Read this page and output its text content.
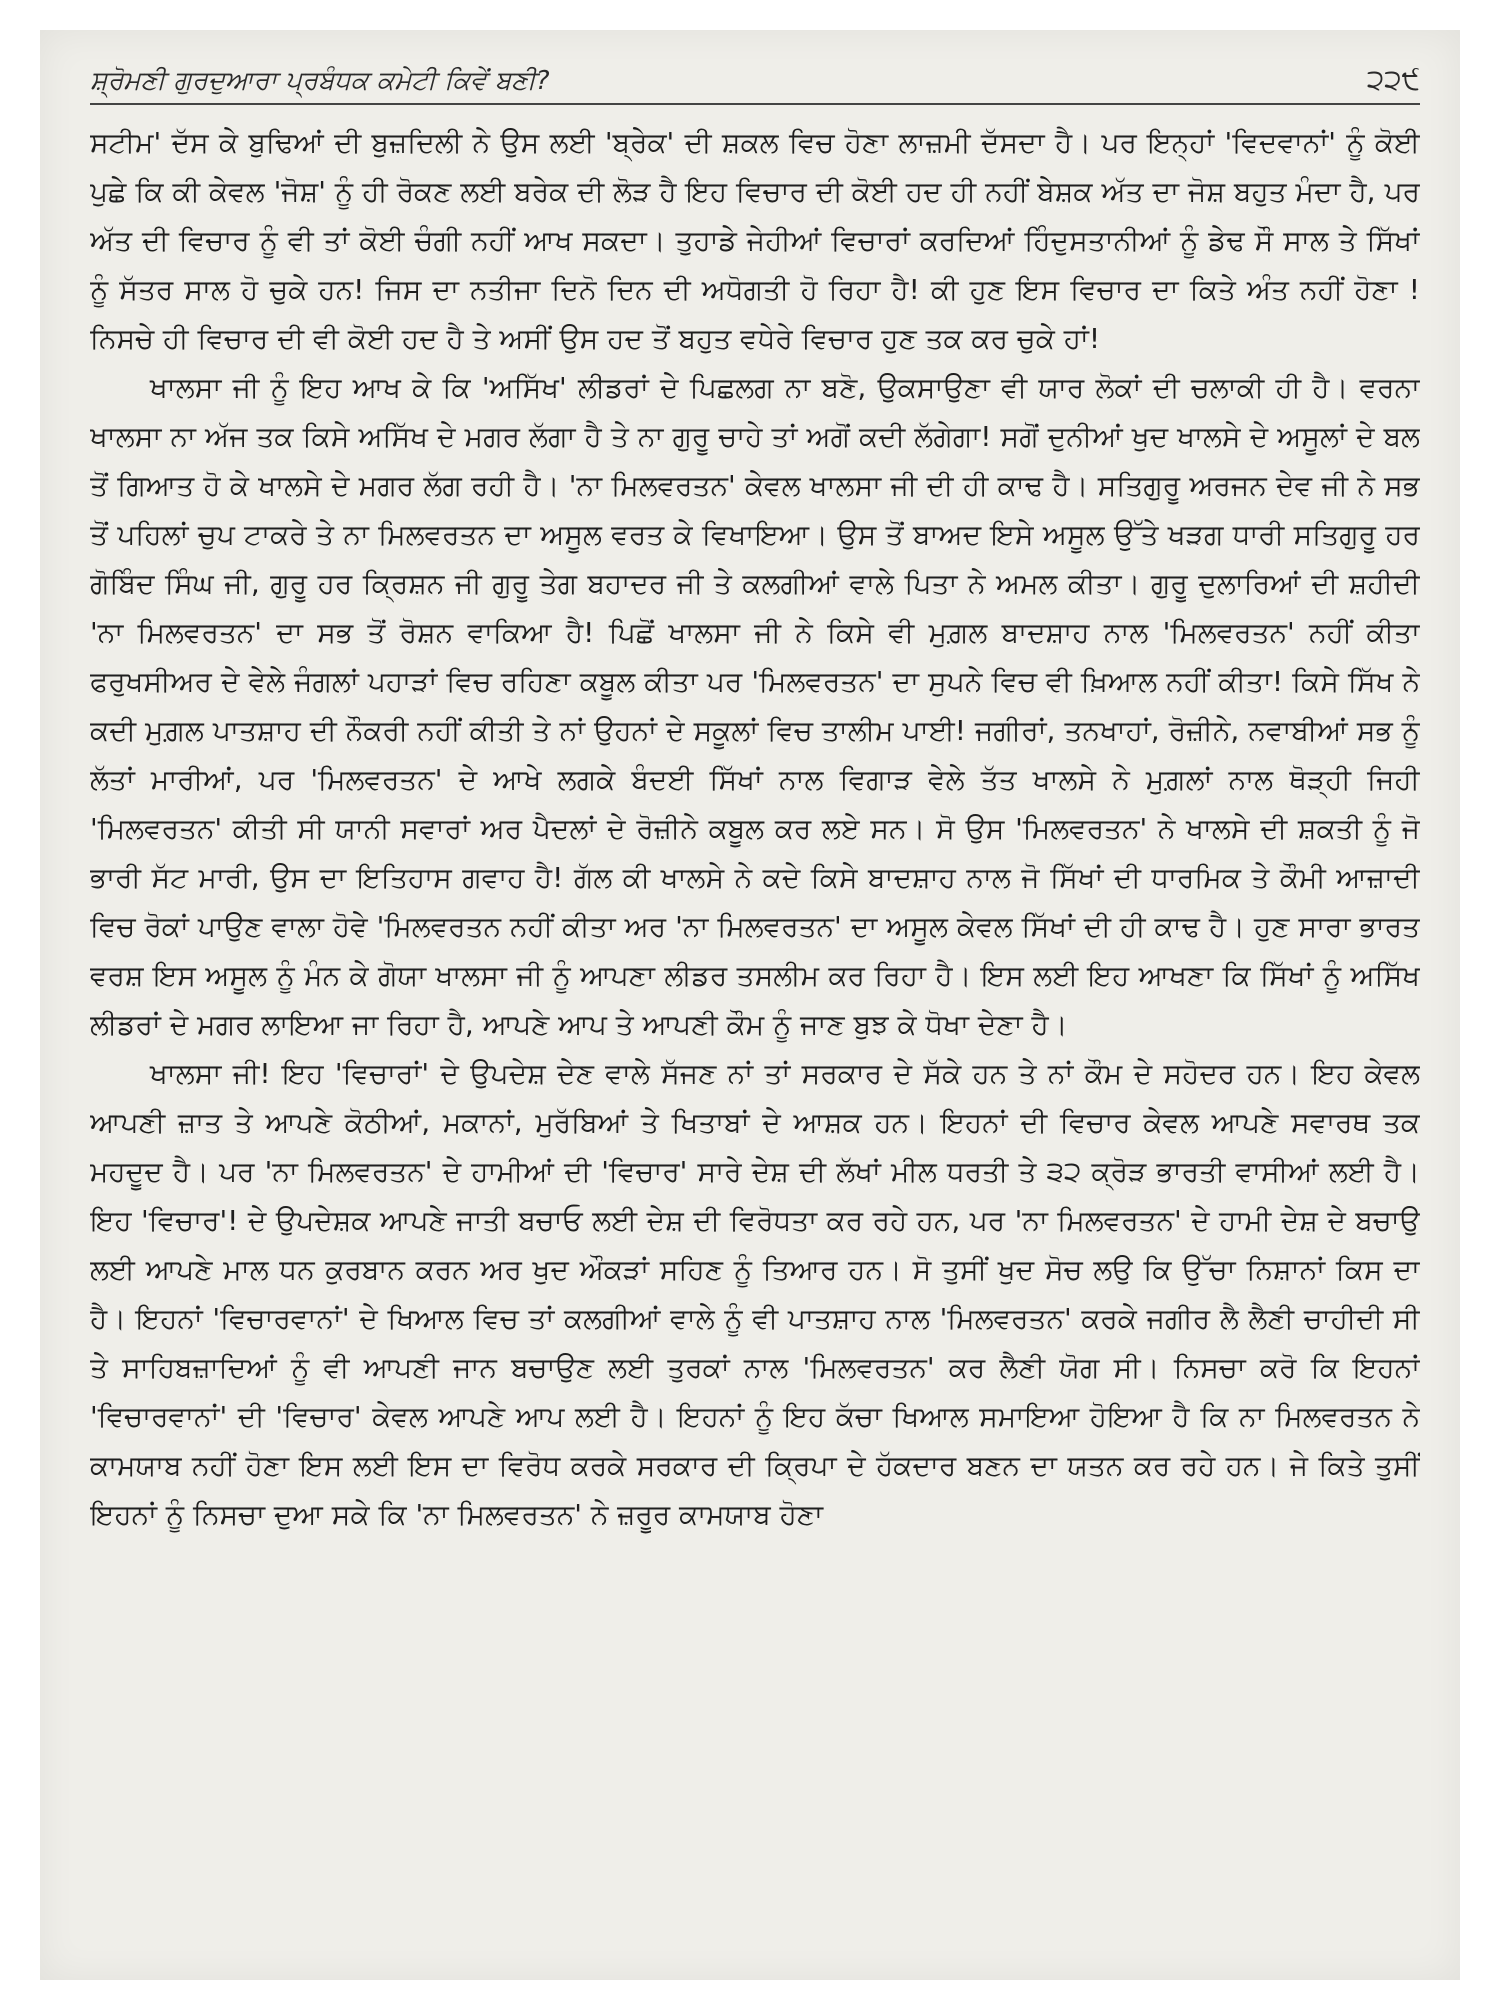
ਸ਼੍ਰੋਮਣੀ ਗੁਰਦੁਆਰਾ ਪ੍ਰਬੰਧਕ ਕਮੇਟੀ ਕਿਵੇਂ ਬਣੀ?	੨੨੯

ਸਟੀਮ' ਦੱਸ ਕੇ ਬੁਢਿਆਂ ਦੀ ਬੁਜ਼ਦਿਲੀ ਨੇ ਉਸ ਲਈ 'ਬ੍ਰੇਕ' ਦੀ ਸ਼ਕਲ ਵਿਚ ਹੋਣਾ ਲਾਜ਼ਮੀ ਦੱਸਦਾ ਹੈ। ਪਰ ਇਨ੍ਹਾਂ 'ਵਿਦਵਾਨਾਂ' ਨੂੰ ਕੋਈ ਪੁਛੇ ਕਿ ਕੀ ਕੇਵਲ 'ਜੋਸ਼' ਨੂੰ ਹੀ ਰੋਕਣ ਲਈ ਬਰੇਕ ਦੀ ਲੋੜ ਹੈ ਇਹ ਵਿਚਾਰ ਦੀ ਕੋਈ ਹਦ ਹੀ ਨਹੀਂ ਬੇਸ਼ਕ ਅੱਤ ਦਾ ਜੋਸ਼ ਬਹੁਤ ਮੰਦਾ ਹੈ, ਪਰ ਅੱਤ ਦੀ ਵਿਚਾਰ ਨੂੰ ਵੀ ਤਾਂ ਕੋਈ ਚੰਗੀ ਨਹੀਂ ਆਖ ਸਕਦਾ। ਤੁਹਾਡੇ ਜੇਹੀਆਂ ਵਿਚਾਰਾਂ ਕਰਦਿਆਂ ਹਿੰਦੁਸਤਾਨੀਆਂ ਨੂੰ ਡੇਢ ਸੌ ਸਾਲ ਤੇ ਸਿੱਖਾਂ ਨੂੰ ਸੱਤਰ ਸਾਲ ਹੋ ਚੁਕੇ ਹਨ! ਜਿਸ ਦਾ ਨਤੀਜਾ ਦਿਨੋ ਦਿਨ ਦੀ ਅਧੋਗਤੀ ਹੋ ਰਿਹਾ ਹੈ! ਕੀ ਹੁਣ ਇਸ ਵਿਚਾਰ ਦਾ ਕਿਤੇ ਅੰਤ ਨਹੀਂ ਹੋਣਾ ! ਨਿਸਚੇ ਹੀ ਵਿਚਾਰ ਦੀ ਵੀ ਕੋਈ ਹਦ ਹੈ ਤੇ ਅਸੀਂ ਉਸ ਹਦ ਤੋਂ ਬਹੁਤ ਵਧੇਰੇ ਵਿਚਾਰ ਹੁਣ ਤਕ ਕਰ ਚੁਕੇ ਹਾਂ!

ਖਾਲਸਾ ਜੀ ਨੂੰ ਇਹ ਆਖ ਕੇ ਕਿ 'ਅਸਿੱਖ' ਲੀਡਰਾਂ ਦੇ ਪਿਛਲਗ ਨਾ ਬਣੋ, ਉਕਸਾਉਣਾ ਵੀ ਯਾਰ ਲੋਕਾਂ ਦੀ ਚਲਾਕੀ ਹੀ ਹੈ। ਵਰਨਾ ਖਾਲਸਾ ਨਾ ਅੱਜ ਤਕ ਕਿਸੇ ਅਸਿੱਖ ਦੇ ਮਗਰ ਲੱਗਾ ਹੈ ਤੇ ਨਾ ਗੁਰੂ ਚਾਹੇ ਤਾਂ ਅਗੋਂ ਕਦੀ ਲੱਗੇਗਾ! ਸਗੋਂ ਦੁਨੀਆਂ ਖੁਦ ਖਾਲਸੇ ਦੇ ਅਸੂਲਾਂ ਦੇ ਬਲ ਤੋਂ ਗਿਆਤ ਹੋ ਕੇ ਖਾਲਸੇ ਦੇ ਮਗਰ ਲੱਗ ਰਹੀ ਹੈ। 'ਨਾ ਮਿਲਵਰਤਨ' ਕੇਵਲ ਖਾਲਸਾ ਜੀ ਦੀ ਹੀ ਕਾਢ ਹੈ। ਸਤਿਗੁਰੂ ਅਰਜਨ ਦੇਵ ਜੀ ਨੇ ਸਭ ਤੋਂ ਪਹਿਲਾਂ ਚੁਪ ਟਾਕਰੇ ਤੇ ਨਾ ਮਿਲਵਰਤਨ ਦਾ ਅਸੂਲ ਵਰਤ ਕੇ ਵਿਖਾਇਆ। ਉਸ ਤੋਂ ਬਾਅਦ ਇਸੇ ਅਸੂਲ ਉੱਤੇ ਖੜਗ ਧਾਰੀ ਸਤਿਗੁਰੂ ਹਰ ਗੋਬਿੰਦ ਸਿੰਘ ਜੀ, ਗੁਰੂ ਹਰ ਕ੍ਰਿਸ਼ਨ ਜੀ ਗੁਰੂ ਤੇਗ ਬਹਾਦਰ ਜੀ ਤੇ ਕਲਗੀਆਂ ਵਾਲੇ ਪਿਤਾ ਨੇ ਅਮਲ ਕੀਤਾ। ਗੁਰੂ ਦੁਲਾਰਿਆਂ ਦੀ ਸ਼ਹੀਦੀ 'ਨਾ ਮਿਲਵਰਤਨ' ਦਾ ਸਭ ਤੋਂ ਰੋਸ਼ਨ ਵਾਕਿਆ ਹੈ! ਪਿਛੋਂ ਖਾਲਸਾ ਜੀ ਨੇ ਕਿਸੇ ਵੀ ਮੁਗ਼ਲ ਬਾਦਸ਼ਾਹ ਨਾਲ 'ਮਿਲਵਰਤਨ' ਨਹੀਂ ਕੀਤਾ ਫਰੁਖਸੀਅਰ ਦੇ ਵੇਲੇ ਜੰਗਲਾਂ ਪਹਾੜਾਂ ਵਿਚ ਰਹਿਣਾ ਕਬੂਲ ਕੀਤਾ ਪਰ 'ਮਿਲਵਰਤਨ' ਦਾ ਸੁਪਨੇ ਵਿਚ ਵੀ ਖ਼ਿਆਲ ਨਹੀਂ ਕੀਤਾ! ਕਿਸੇ ਸਿੱਖ ਨੇ ਕਦੀ ਮੁਗ਼ਲ ਪਾਤਸ਼ਾਹ ਦੀ ਨੌਕਰੀ ਨਹੀਂ ਕੀਤੀ ਤੇ ਨਾਂ ਉਹਨਾਂ ਦੇ ਸਕੂਲਾਂ ਵਿਚ ਤਾਲੀਮ ਪਾਈ! ਜਗੀਰਾਂ, ਤਨਖਾਹਾਂ, ਰੋਜ਼ੀਨੇ, ਨਵਾਬੀਆਂ ਸਭ ਨੂੰ ਲੱਤਾਂ ਮਾਰੀਆਂ, ਪਰ 'ਮਿਲਵਰਤਨ' ਦੇ ਆਖੇ ਲਗਕੇ ਬੰਦਈ ਸਿੱਖਾਂ ਨਾਲ ਵਿਗਾੜ ਵੇਲੇ ਤੱਤ ਖਾਲਸੇ ਨੇ ਮੁਗ਼ਲਾਂ ਨਾਲ ਥੋੜ੍ਹੀ ਜਿਹੀ 'ਮਿਲਵਰਤਨ' ਕੀਤੀ ਸੀ ਯਾਨੀ ਸਵਾਰਾਂ ਅਰ ਪੈਦਲਾਂ ਦੇ ਰੋਜ਼ੀਨੇ ਕਬੂਲ ਕਰ ਲਏ ਸਨ। ਸੋ ਉਸ 'ਮਿਲਵਰਤਨ' ਨੇ ਖਾਲਸੇ ਦੀ ਸ਼ਕਤੀ ਨੂੰ ਜੋ ਭਾਰੀ ਸੱਟ ਮਾਰੀ, ਉਸ ਦਾ ਇਤਿਹਾਸ ਗਵਾਹ ਹੈ! ਗੱਲ ਕੀ ਖਾਲਸੇ ਨੇ ਕਦੇ ਕਿਸੇ ਬਾਦਸ਼ਾਹ ਨਾਲ ਜੋ ਸਿੱਖਾਂ ਦੀ ਧਾਰਮਿਕ ਤੇ ਕੌਮੀ ਆਜ਼ਾਦੀ ਵਿਚ ਰੋਕਾਂ ਪਾਉਣ ਵਾਲਾ ਹੋਵੇ 'ਮਿਲਵਰਤਨ ਨਹੀਂ ਕੀਤਾ ਅਰ 'ਨਾ ਮਿਲਵਰਤਨ' ਦਾ ਅਸੂਲ ਕੇਵਲ ਸਿੱਖਾਂ ਦੀ ਹੀ ਕਾਢ ਹੈ। ਹੁਣ ਸਾਰਾ ਭਾਰਤ ਵਰਸ਼ ਇਸ ਅਸੂਲ ਨੂੰ ਮੰਨ ਕੇ ਗੋਯਾ ਖਾਲਸਾ ਜੀ ਨੂੰ ਆਪਣਾ ਲੀਡਰ ਤਸਲੀਮ ਕਰ ਰਿਹਾ ਹੈ। ਇਸ ਲਈ ਇਹ ਆਖਣਾ ਕਿ ਸਿੱਖਾਂ ਨੂੰ ਅਸਿੱਖ ਲੀਡਰਾਂ ਦੇ ਮਗਰ ਲਾਇਆ ਜਾ ਰਿਹਾ ਹੈ, ਆਪਣੇ ਆਪ ਤੇ ਆਪਣੀ ਕੌਮ ਨੂੰ ਜਾਣ ਬੁਝ ਕੇ ਧੋਖਾ ਦੇਣਾ ਹੈ।

ਖਾਲਸਾ ਜੀ! ਇਹ 'ਵਿਚਾਰਾਂ' ਦੇ ਉਪਦੇਸ਼ ਦੇਣ ਵਾਲੇ ਸੱਜਣ ਨਾਂ ਤਾਂ ਸਰਕਾਰ ਦੇ ਸੱਕੇ ਹਨ ਤੇ ਨਾਂ ਕੌਮ ਦੇ ਸਹੋਦਰ ਹਨ। ਇਹ ਕੇਵਲ ਆਪਣੀ ਜ਼ਾਤ ਤੇ ਆਪਣੇ ਕੋਠੀਆਂ, ਮਕਾਨਾਂ, ਮੁਰੱਬਿਆਂ ਤੇ ਖਿਤਾਬਾਂ ਦੇ ਆਸ਼ਕ ਹਨ। ਇਹਨਾਂ ਦੀ ਵਿਚਾਰ ਕੇਵਲ ਆਪਣੇ ਸਵਾਰਥ ਤਕ ਮਹਦੂਦ ਹੈ। ਪਰ 'ਨਾ ਮਿਲਵਰਤਨ' ਦੇ ਹਾਮੀਆਂ ਦੀ 'ਵਿਚਾਰ' ਸਾਰੇ ਦੇਸ਼ ਦੀ ਲੱਖਾਂ ਮੀਲ ਧਰਤੀ ਤੇ ੩੨ ਕ੍ਰੋੜ ਭਾਰਤੀ ਵਾਸੀਆਂ ਲਈ ਹੈ। ਇਹ 'ਵਿਚਾਰ'! ਦੇ ਉਪਦੇਸ਼ਕ ਆਪਣੇ ਜਾਤੀ ਬਚਾਓ ਲਈ ਦੇਸ਼ ਦੀ ਵਿਰੋਧਤਾ ਕਰ ਰਹੇ ਹਨ, ਪਰ 'ਨਾ ਮਿਲਵਰਤਨ' ਦੇ ਹਾਮੀ ਦੇਸ਼ ਦੇ ਬਚਾਉ ਲਈ ਆਪਣੇ ਮਾਲ ਧਨ ਕੁਰਬਾਨ ਕਰਨ ਅਰ ਖੁਦ ਔਕੜਾਂ ਸਹਿਣ ਨੂੰ ਤਿਆਰ ਹਨ। ਸੋ ਤੁਸੀਂ ਖੁਦ ਸੋਚ ਲਉ ਕਿ ਉੱਚਾ ਨਿਸ਼ਾਨਾਂ ਕਿਸ ਦਾ ਹੈ। ਇਹਨਾਂ 'ਵਿਚਾਰਵਾਨਾਂ' ਦੇ ਖਿਆਲ ਵਿਚ ਤਾਂ ਕਲਗੀਆਂ ਵਾਲੇ ਨੂੰ ਵੀ ਪਾਤਸ਼ਾਹ ਨਾਲ 'ਮਿਲਵਰਤਨ' ਕਰਕੇ ਜਗੀਰ ਲੈ ਲੈਣੀ ਚਾਹੀਦੀ ਸੀ ਤੇ ਸਾਹਿਬਜ਼ਾਦਿਆਂ ਨੂੰ ਵੀ ਆਪਣੀ ਜਾਨ ਬਚਾਉਣ ਲਈ ਤੁਰਕਾਂ ਨਾਲ 'ਮਿਲਵਰਤਨ' ਕਰ ਲੈਣੀ ਯੋਗ ਸੀ। ਨਿਸਚਾ ਕਰੋ ਕਿ ਇਹਨਾਂ 'ਵਿਚਾਰਵਾਨਾਂ' ਦੀ 'ਵਿਚਾਰ' ਕੇਵਲ ਆਪਣੇ ਆਪ ਲਈ ਹੈ। ਇਹਨਾਂ ਨੂੰ ਇਹ ਕੱਚਾ ਖਿਆਲ ਸਮਾਇਆ ਹੋਇਆ ਹੈ ਕਿ ਨਾ ਮਿਲਵਰਤਨ ਨੇ ਕਾਮਯਾਬ ਨਹੀਂ ਹੋਣਾ ਇਸ ਲਈ ਇਸ ਦਾ ਵਿਰੋਧ ਕਰਕੇ ਸਰਕਾਰ ਦੀ ਕ੍ਰਿਪਾ ਦੇ ਹੱਕਦਾਰ ਬਣਨ ਦਾ ਯਤਨ ਕਰ ਰਹੇ ਹਨ। ਜੇ ਕਿਤੇ ਤੁਸੀਂ ਇਹਨਾਂ ਨੂੰ ਨਿਸਚਾ ਦੁਆ ਸਕੇ ਕਿ 'ਨਾ ਮਿਲਵਰਤਨ' ਨੇ ਜ਼ਰੂਰ ਕਾਮਯਾਬ ਹੋਣਾ
